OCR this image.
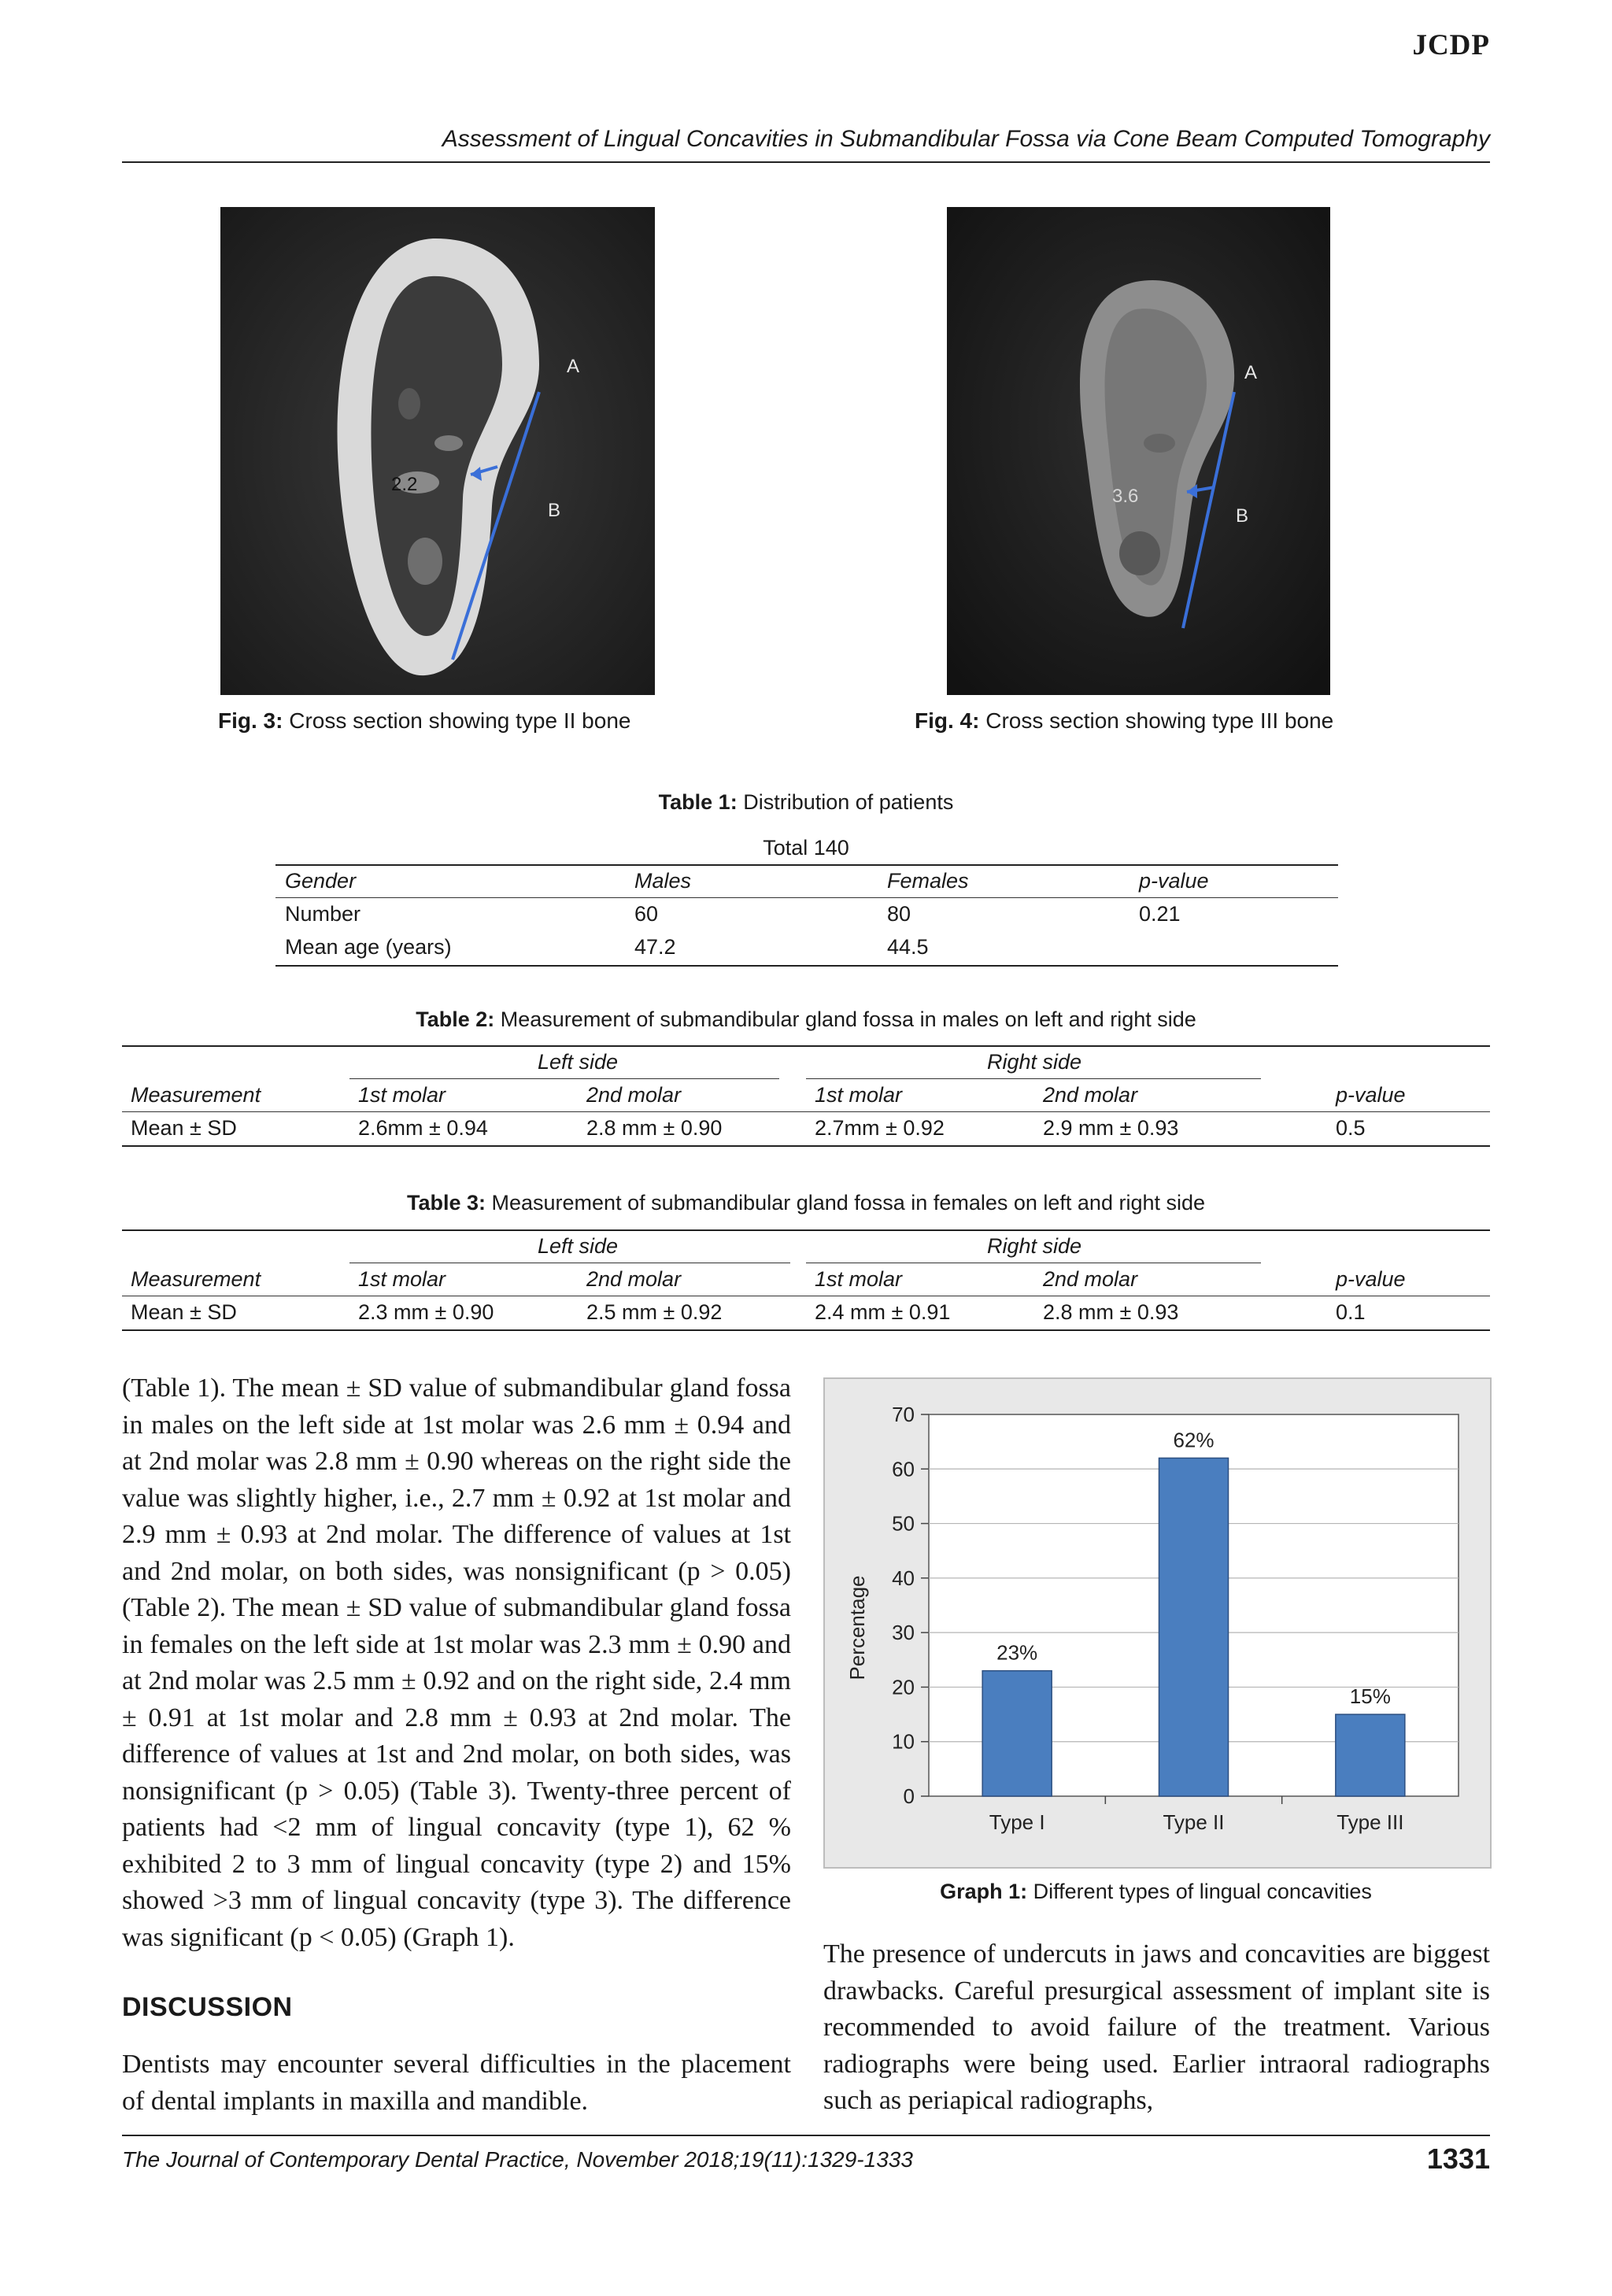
JCDP
Assessment of Lingual Concavities in Submandibular Fossa via Cone Beam Computed Tomography
A
B
2.2
Fig. 3: Cross section showing type II bone
A
B
3.6
Fig. 4: Cross section showing type III bone
Table 1: Distribution of patients
Total 140
Gender	Males	Females	p-value
Number	60	80	0.21
Mean age (years)	47.2	44.5
Table 2: Measurement of submandibular gland fossa in males on left and right side
Left side	Right side
Measurement	1st molar	2nd molar	1st molar	2nd molar	p-value
Mean ± SD	2.6mm ± 0.94	2.8 mm ± 0.90	2.7mm ± 0.92	2.9 mm ± 0.93	0.5
Table 3: Measurement of submandibular gland fossa in females on left and right side
Left side	Right side
Measurement	1st molar	2nd molar	1st molar	2nd molar	p-value
Mean ± SD	2.3 mm ± 0.90	2.5 mm ± 0.92	2.4 mm ± 0.91	2.8 mm ± 0.93	0.1

(Table 1). The mean ± SD value of submandibular gland fossa in males on the left side at 1st molar was 2.6 mm ± 0.94 and at 2nd molar was 2.8 mm ± 0.90 whereas on the right side the value was slightly higher, i.e., 2.7 mm ± 0.92 at 1st molar and 2.9 mm ± 0.93 at 2nd molar. The difference of values at 1st and 2nd molar, on both sides, was nonsignificant (p > 0.05) (Table 2). The mean ± SD value of submandibular gland fossa in females on the left side at 1st molar was 2.3 mm ± 0.90 and at 2nd molar was 2.5 mm ± 0.92 and on the right side, 2.4 mm ± 0.91 at 1st molar and 2.8 mm ± 0.93 at 2nd molar. The difference of values at 1st and 2nd molar, on both sides, was nonsignificant (p > 0.05) (Table 3). Twenty-three percent of patients had <2 mm of lingual concavity (type 1), 62 % exhibited 2 to 3 mm of lingual concavity (type 2) and 15% showed >3 mm of lingual concavity (type 3). The difference was significant (p < 0.05) (Graph 1).

DISCUSSION

Dentists may encounter several difficulties in the placement of dental implants in maxilla and mandible.

0
10
20
30
40
50
60
70
Type I	Type II	Type III
23%
62%
15%
Percentage
Graph 1: Different types of lingual concavities

The presence of undercuts in jaws and concavities are biggest drawbacks. Careful presurgical assessment of implant site is recommended to avoid failure of the treatment. Various radiographs were being used. Earlier intraoral radiographs such as periapical radiographs,

The Journal of Contemporary Dental Practice, November 2018;19(11):1329-1333	1331
